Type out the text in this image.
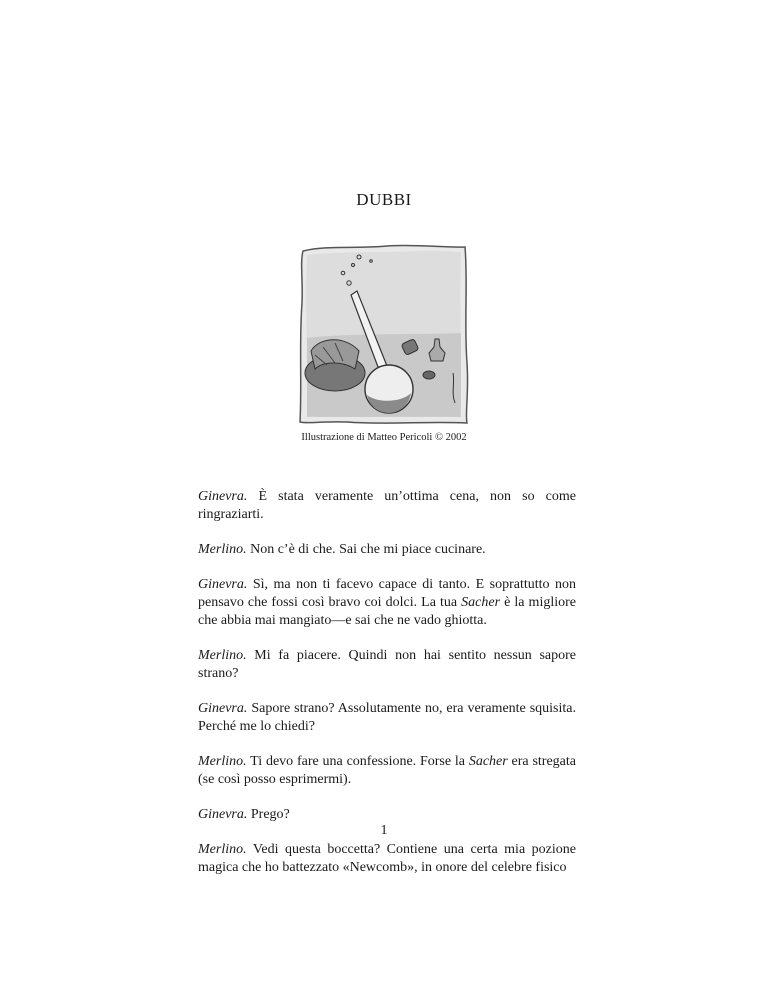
DUBBI
Illustrazione di Matteo Pericoli © 2002

Ginevra. È stata veramente un’ottima cena, non so come ringraziarti.

Merlino. Non c’è di che. Sai che mi piace cucinare.

Ginevra. Sì, ma non ti facevo capace di tanto. E soprattutto non pensavo che fossi così bravo coi dolci. La tua Sacher è la migliore che abbia mai mangiato—e sai che ne vado ghiotta.

Merlino. Mi fa piacere. Quindi non hai sentito nessun sapore strano?

Ginevra. Sapore strano? Assolutamente no, era veramente squisita. Perché me lo chiedi?

Merlino. Ti devo fare una confessione. Forse la Sacher era stregata (se così posso esprimermi).

Ginevra. Prego?

Merlino. Vedi questa boccetta? Contiene una certa mia pozione magica che ho battezzato «Newcomb», in onore del celebre fisico

1
